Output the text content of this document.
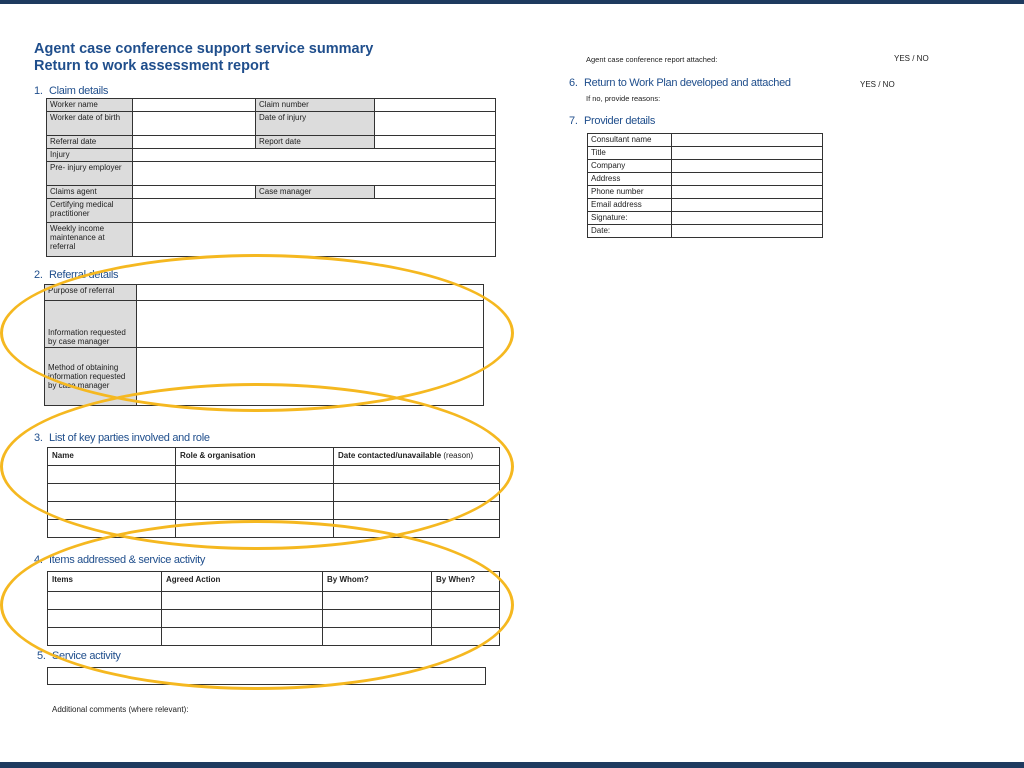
Agent case conference support service summary
Return to work assessment report
1. Claim details
Worker name		Claim number	
Worker date of birth		Date of injury	
Referral date		Report date	
Injury			
Pre- injury employer			
Claims agent		Case manager	
Certifying medical practitioner			
Weekly income maintenance at referral			
2. Referral details
Purpose of referral	
Information requested by case manager	
Method of obtaining information requested by case manager	
3. List of key parties involved and role
Name	Role & organisation	Date contacted/unavailable (reason)

4. Items addressed & service activity
Items	Agreed Action	By Whom?	By When?

5. Service activity
Additional comments (where relevant):
Agent case conference report attached:	YES / NO
6. Return to Work Plan developed and attached	YES / NO
If no, provide reasons:
7. Provider details
Consultant name	
Title	
Company	
Address	
Phone number	
Email address	
Signature:	
Date:	
